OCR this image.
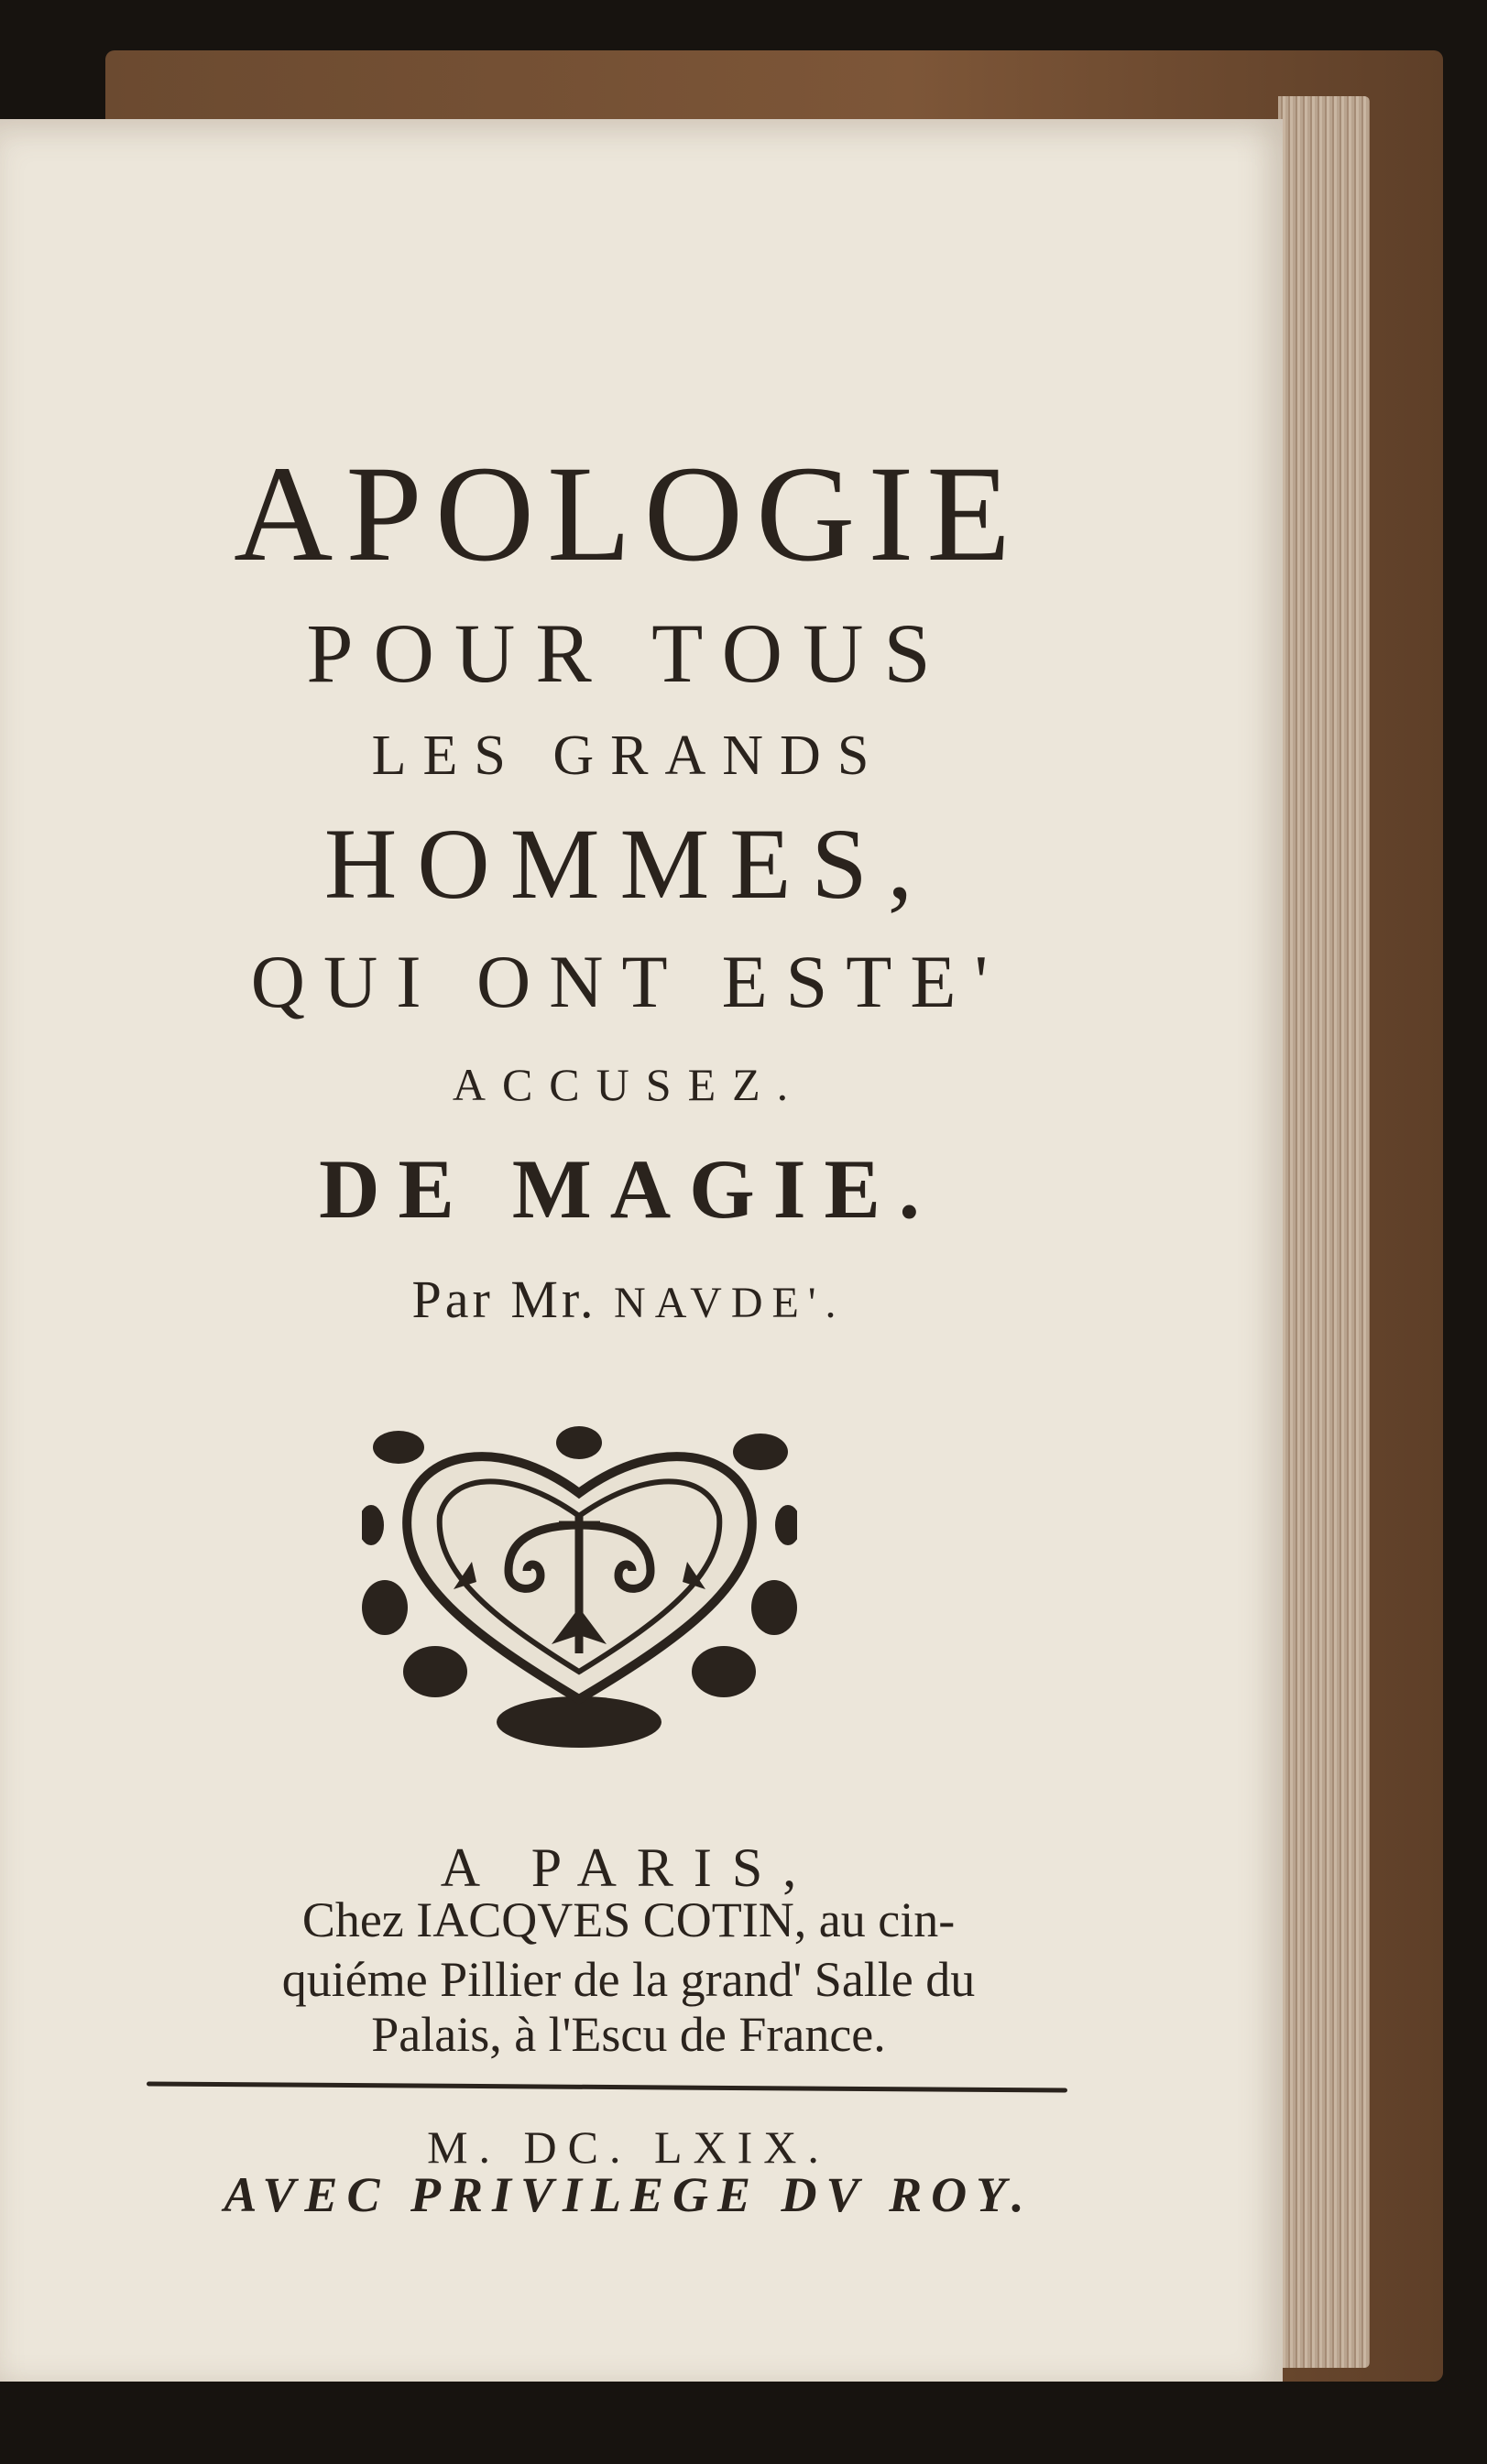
APOLOGIE
POUR TOUS
LES GRANDS
HOMMES,
QUI ONT ESTE'
ACCUSEZ.
DE MAGIE.
Par Mr. NAVDE'.
A PARIS,
Chez IACQVES COTIN, au cin-
quiéme Pillier de la grand' Salle du
Palais, à l'Escu de France.
M. DC. LXIX.
AVEC PRIVILEGE DV ROY.
